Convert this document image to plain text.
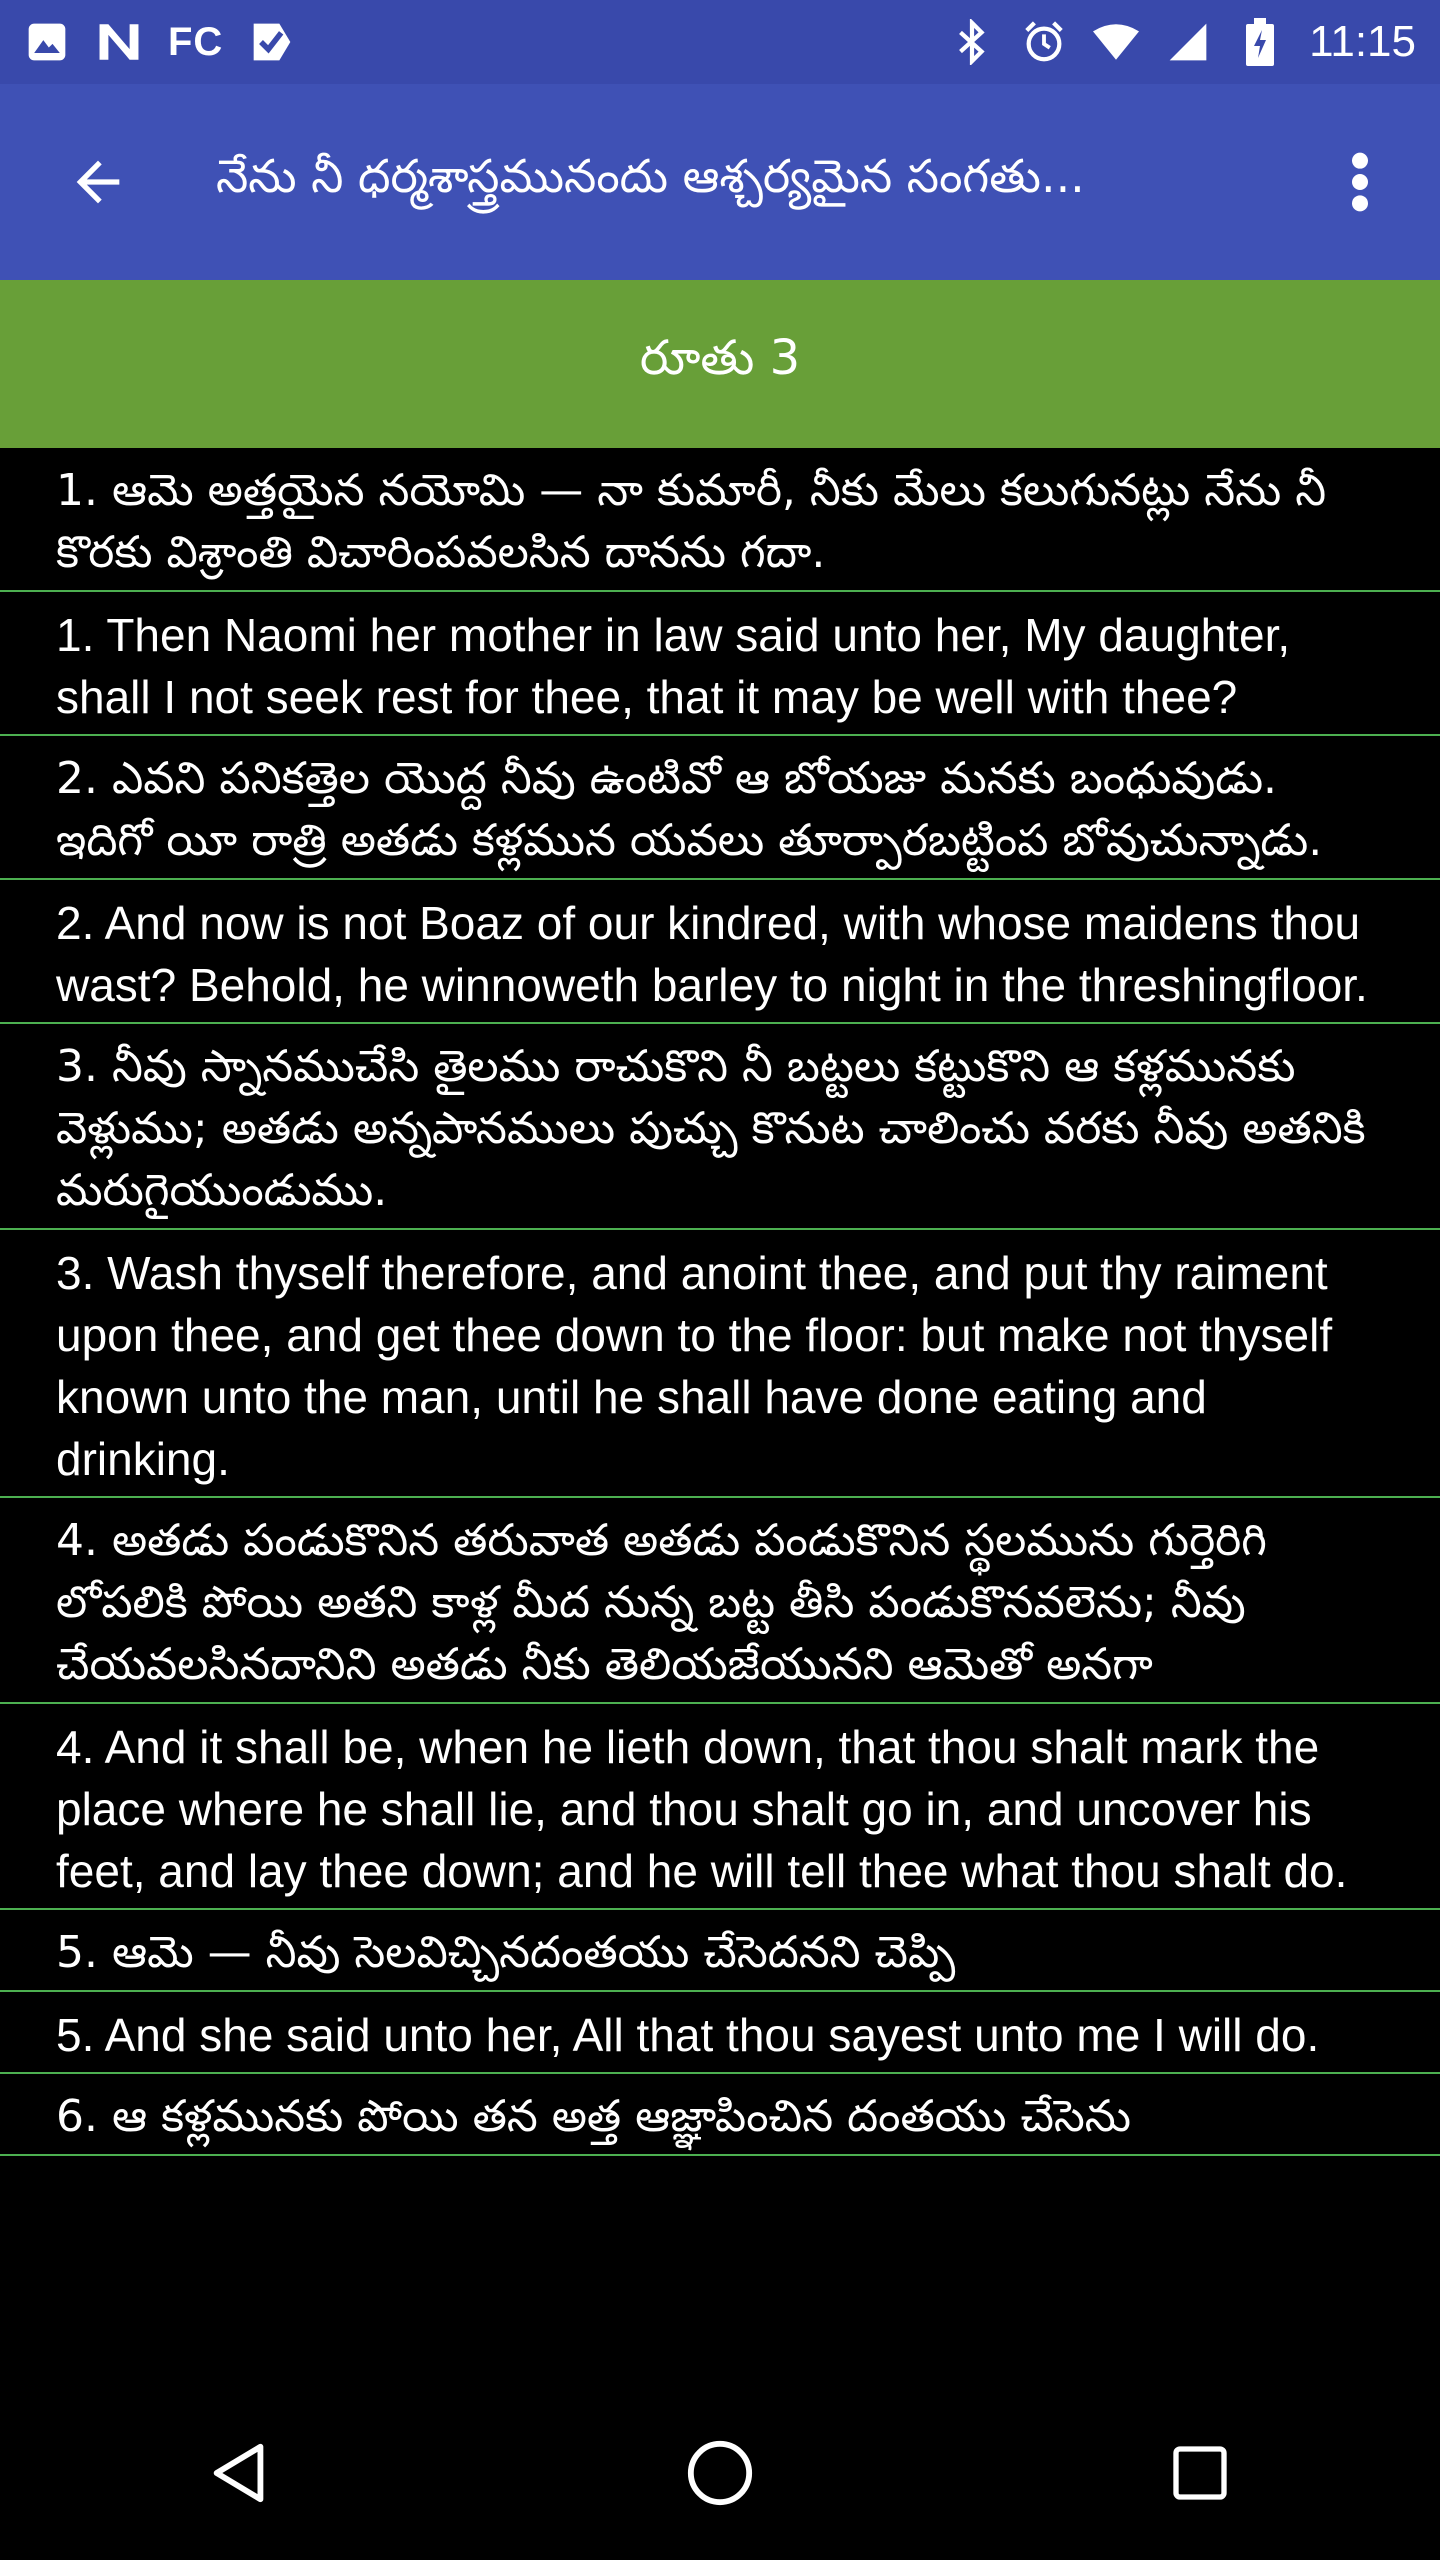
FC	11:15
నేను నీ ధర్మశాస్త్రమునందు ఆశ్చర్యమైన సంగతు...
రూతు 3
1. ఆమె అత్తయైన నయోమి — నా కుమారీ, నీకు మేలు కలుగునట్లు నేను నీ కొరకు విశ్రాంతి విచారింపవలసిన దానను గదా.
1. Then Naomi her mother in law said unto her, My daughter, shall I not seek rest for thee, that it may be well with thee?
2. ఎవని పనికత్తెల యొద్ద నీవు ఉంటివో ఆ బోయజు మనకు బంధువుడు. ఇదిగో యీ రాత్రి అతడు కళ్లమున యవలు తూర్పారబట్టింప బోవుచున్నాడు.
2. And now is not Boaz of our kindred, with whose maidens thou wast? Behold, he winnoweth barley to night in the threshingfloor.
3. నీవు స్నానముచేసి తైలము రాచుకొని నీ బట్టలు కట్టుకొని ఆ కళ్లమునకు వెళ్లుము; అతడు అన్నపానములు పుచ్చు కొనుట చాలించు వరకు నీవు అతనికి మరుగైయుండుము.
3. Wash thyself therefore, and anoint thee, and put thy raiment upon thee, and get thee down to the floor: but make not thyself known unto the man, until he shall have done eating and drinking.
4. అతడు పండుకొనిన తరువాత అతడు పండుకొనిన స్థలమును గుర్తెరిగి లోపలికి పోయి అతని కాళ్ల మీద నున్న బట్ట తీసి పండుకొనవలెను; నీవు చేయవలసినదానిని అతడు నీకు తెలియజేయునని ఆమెతో అనగా
4. And it shall be, when he lieth down, that thou shalt mark the place where he shall lie, and thou shalt go in, and uncover his feet, and lay thee down; and he will tell thee what thou shalt do.
5. ఆమె — నీవు సెలవిచ్చినదంతయు చేసెదనని చెప్పి
5. And she said unto her, All that thou sayest unto me I will do.
6. ఆ కళ్లమునకు పోయి తన అత్త ఆజ్ఞాపించిన దంతయు చేసెను
